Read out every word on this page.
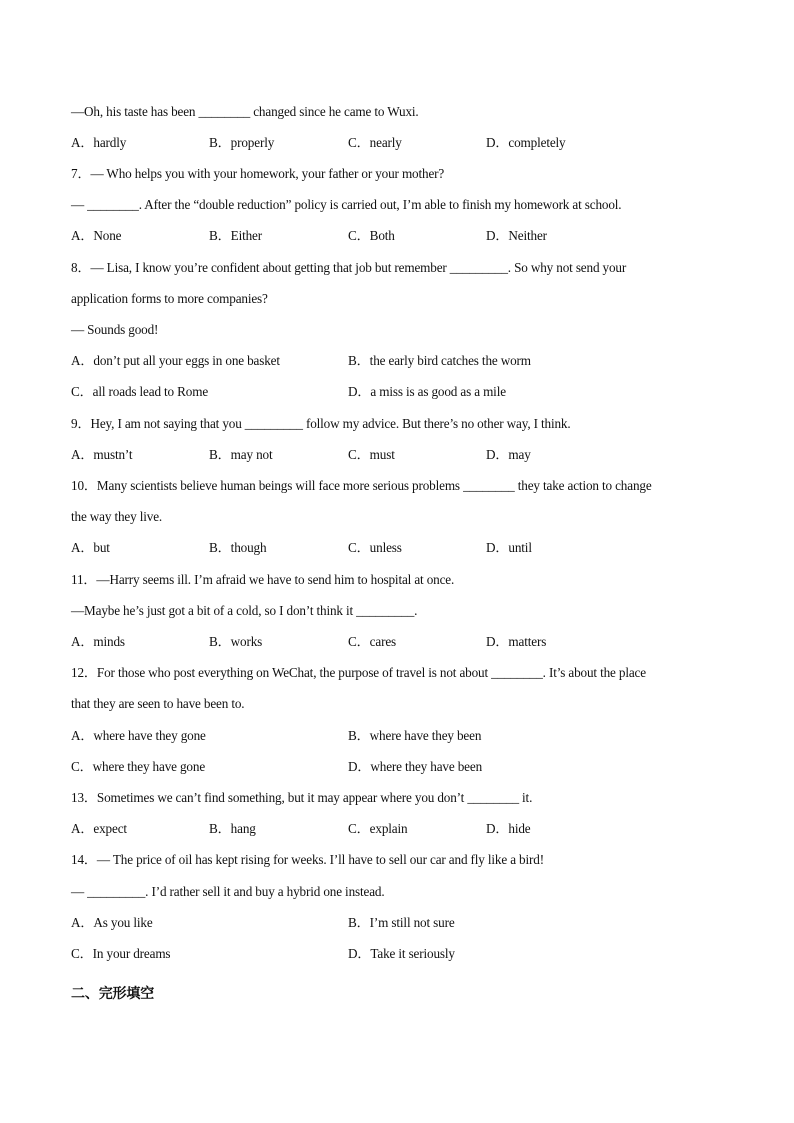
—Oh, his taste has been ________ changed since he came to Wuxi.
A．hardly	B．properly	C．nearly	D．completely
7．— Who helps you with your homework, your father or your mother?
— ________. After the “double reduction” policy is carried out, I’m able to finish my homework at school.
A．None	B．Either	C．Both	D．Neither
8．— Lisa, I know you’re confident about getting that job but remember _________. So why not send your
application forms to more companies?
— Sounds good!
A．don’t put all your eggs in one basket	B．the early bird catches the worm
C．all roads lead to Rome	D．a miss is as good as a mile
9．Hey, I am not saying that you _________ follow my advice. But there’s no other way, I think.
A．mustn’t	B．may not	C．must	D．may
10．Many scientists believe human beings will face more serious problems ________ they take action to change
the way they live.
A．but	B．though	C．unless	D．until
11．—Harry seems ill. I’m afraid we have to send him to hospital at once.
—Maybe he’s just got a bit of a cold, so I don’t think it _________.
A．minds	B．works	C．cares	D．matters
12．For those who post everything on WeChat, the purpose of travel is not about ________. It’s about the place
that they are seen to have been to.
A．where have they gone	B．where have they been
C．where they have gone	D．where they have been
13．Sometimes we can’t find something, but it may appear where you don’t ________ it.
A．expect	B．hang	C．explain	D．hide
14．— The price of oil has kept rising for weeks. I’ll have to sell our car and fly like a bird!
— _________. I’d rather sell it and buy a hybrid one instead.
A．As you like	B．I’m still not sure
C．In your dreams	D．Take it seriously
二、完形填空
